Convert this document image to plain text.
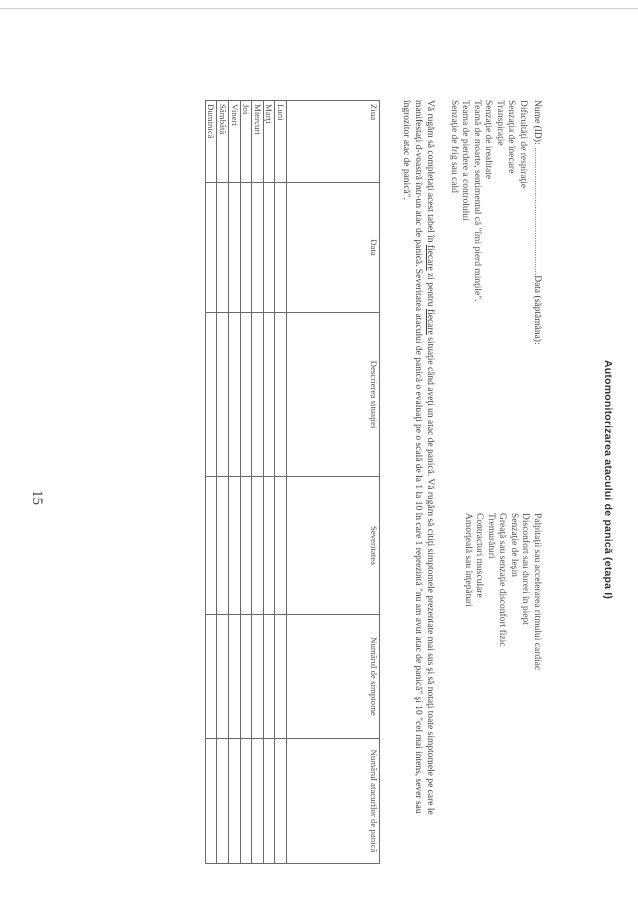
Automonitorizarea atacului de panică (etapa I)
Nume (ID): ......................................................Data (săptămâna):
Dificultăţi de respiraţie
Senzaţia de înecare
Transpiraţie
Senzaţie de irealitate
Teamă de moarte, sentimentul că "îmi pierd minţile".
Teama de pierdere a controlului
Senzaţie de frig sau cald
Palpitaţii sau accelerarea ritmului cardiac
Disconfort sau dureri în piept
Senzaţie de leşin
Greaţă sau senzaţie disconfort fizic
Tremurături
Contracturi musculare
Amorţeală sau înţepături

Vă rugăm să completaţi acest tabel în fiecare zi pentru fiecare situaţie când aveţi un atac de panică. Vă rugăm să citiţi simptomele prezentate mai sus şi să notaţi toate simptomele pe care le

manifestaţi d-voastră într-un atac de panică. Severitatea atacului de panică o evaluaţi pe o scală de la 1 la 10 în care 1 reprezintă "nu am avut atac de panică" şi 10 "cel mai intens, sever sau

îngrozitor atac de panică".

Ziua	Data	Descrierea situaţiei	Severitatea	Numărul de simptome	Numărul atacurilor de panică
Luni					
Marţi					
Miercuri					
Joi					
Vineri					
Sâmbătă					
Duminică					
15
